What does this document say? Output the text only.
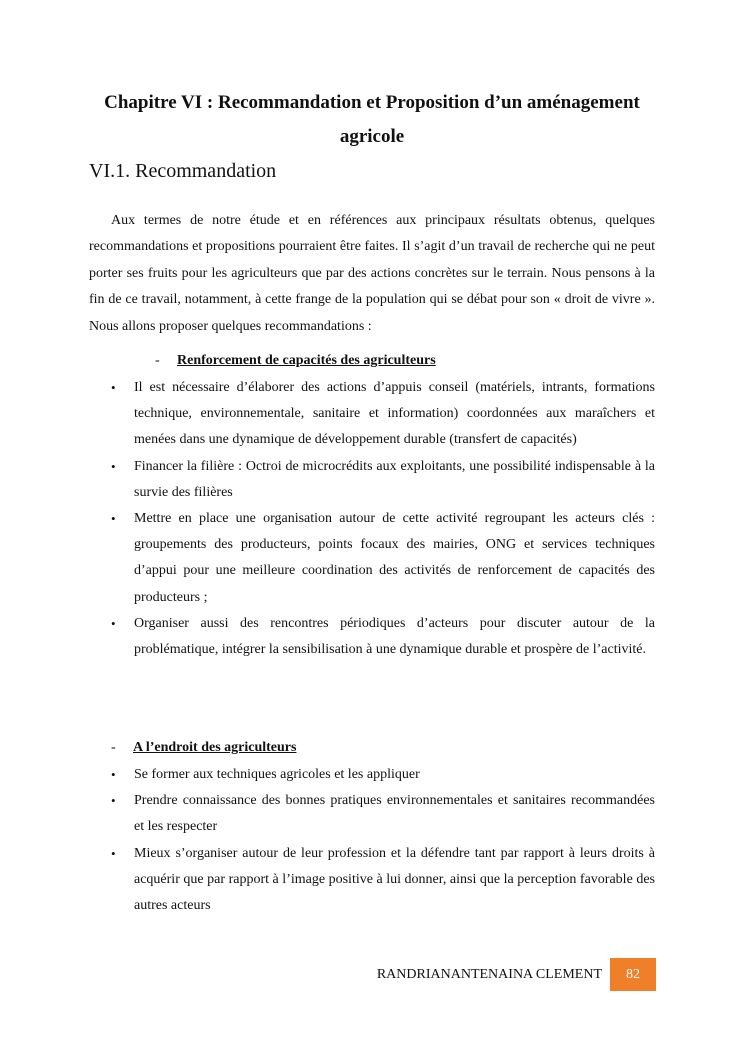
Chapitre VI : Recommandation et Proposition d’un aménagement agricole
VI.1. Recommandation

Aux termes de notre étude et en références aux principaux résultats obtenus, quelques recommandations et propositions pourraient être faites. Il s’agit d’un travail de recherche qui ne peut porter ses fruits pour les agriculteurs que par des actions concrètes sur le terrain. Nous pensons à la fin de ce travail, notamment, à cette frange de la population qui se débat pour son « droit de vivre ». Nous allons proposer quelques recommandations :

- Renforcement de capacités des agriculteurs
• Il est nécessaire d’élaborer des actions d’appuis conseil (matériels, intrants, formations technique, environnementale, sanitaire et information) coordonnées aux maraîchers et menées dans une dynamique de développement durable (transfert de capacités)
• Financer la filière : Octroi de microcrédits aux exploitants, une possibilité indispensable à la survie des filières
• Mettre en place une organisation autour de cette activité regroupant les acteurs clés : groupements des producteurs, points focaux des mairies, ONG et services techniques d’appui pour une meilleure coordination des activités de renforcement de capacités des producteurs ;
• Organiser aussi des rencontres périodiques d’acteurs pour discuter autour de la problématique, intégrer la sensibilisation à une dynamique durable et prospère de l’activité.
- A l’endroit des agriculteurs
• Se former aux techniques agricoles et les appliquer
• Prendre connaissance des bonnes pratiques environnementales et sanitaires recommandées et les respecter
• Mieux s’organiser autour de leur profession et la défendre tant par rapport à leurs droits à acquérir que par rapport à l’image positive à lui donner, ainsi que la perception favorable des autres acteurs
RANDRIANANTENAINA CLEMENT	82
